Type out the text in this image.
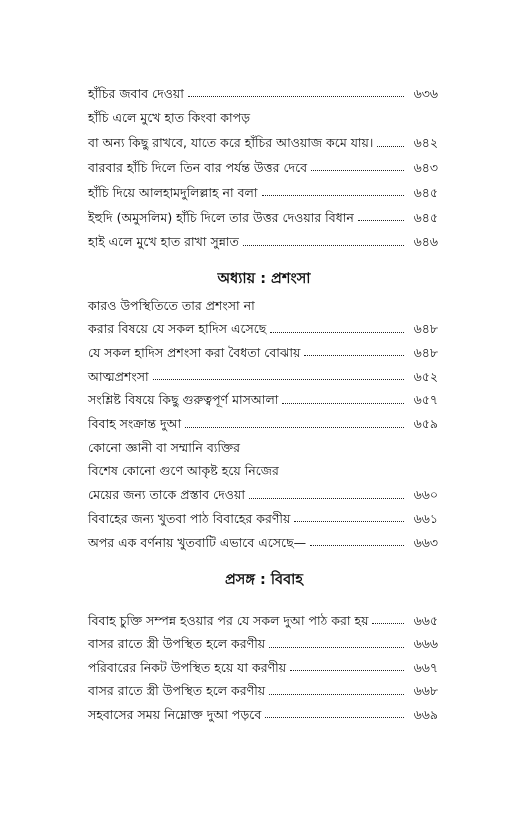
হাঁচির জবাব দেওয়া	৬৩৬
হাঁচি এলে মুখে হাত কিংবা কাপড়
বা অন্য কিছু রাখবে, যাতে করে হাঁচির আওয়াজ কমে যায়।	৬৪২
বারবার হাঁচি দিলে তিন বার পর্যন্ত উত্তর দেবে	৬৪৩
হাঁচি দিয়ে আলহামদুলিল্লাহ না বলা	৬৪৫
ইহুদি (অমুসলিম) হাঁচি দিলে তার উত্তর দেওয়ার বিধান	৬৪৫
হাই এলে মুখে হাত রাখা সুন্নাত	৬৪৬
অধ্যায় : প্রশংসা
কারও উপস্থিতিতে তার প্রশংসা না
করার বিষয়ে যে সকল হাদিস এসেছে	৬৪৮
যে সকল হাদিস প্রশংসা করা বৈধতা বোঝায়	৬৪৮
আত্মপ্রশংসা	৬৫২
সংশ্লিষ্ট বিষয়ে কিছু গুরুত্বপূর্ণ মাসআলা	৬৫৭
বিবাহ সংক্রান্ত দুআ	৬৫৯
কোনো জ্ঞানী বা সম্মানি ব্যক্তির
বিশেষ কোনো গুণে আকৃষ্ট হয়ে নিজের
মেয়ের জন্য তাকে প্রস্তাব দেওয়া	৬৬০
বিবাহের জন্য খুতবা পাঠ বিবাহের করণীয়	৬৬১
অপর এক বর্ণনায় খুতবাটি এভাবে এসেছে—	৬৬৩
প্রসঙ্গ : বিবাহ
বিবাহ চুক্তি সম্পন্ন হওয়ার পর যে সকল দুআ পাঠ করা হয়	৬৬৫
বাসর রাতে স্ত্রী উপস্থিত হলে করণীয়	৬৬৬
পরিবারের নিকট উপস্থিত হয়ে যা করণীয়	৬৬৭
বাসর রাতে স্ত্রী উপস্থিত হলে করণীয়	৬৬৮
সহবাসের সময় নিম্নোক্ত দুআ পড়বে	৬৬৯
